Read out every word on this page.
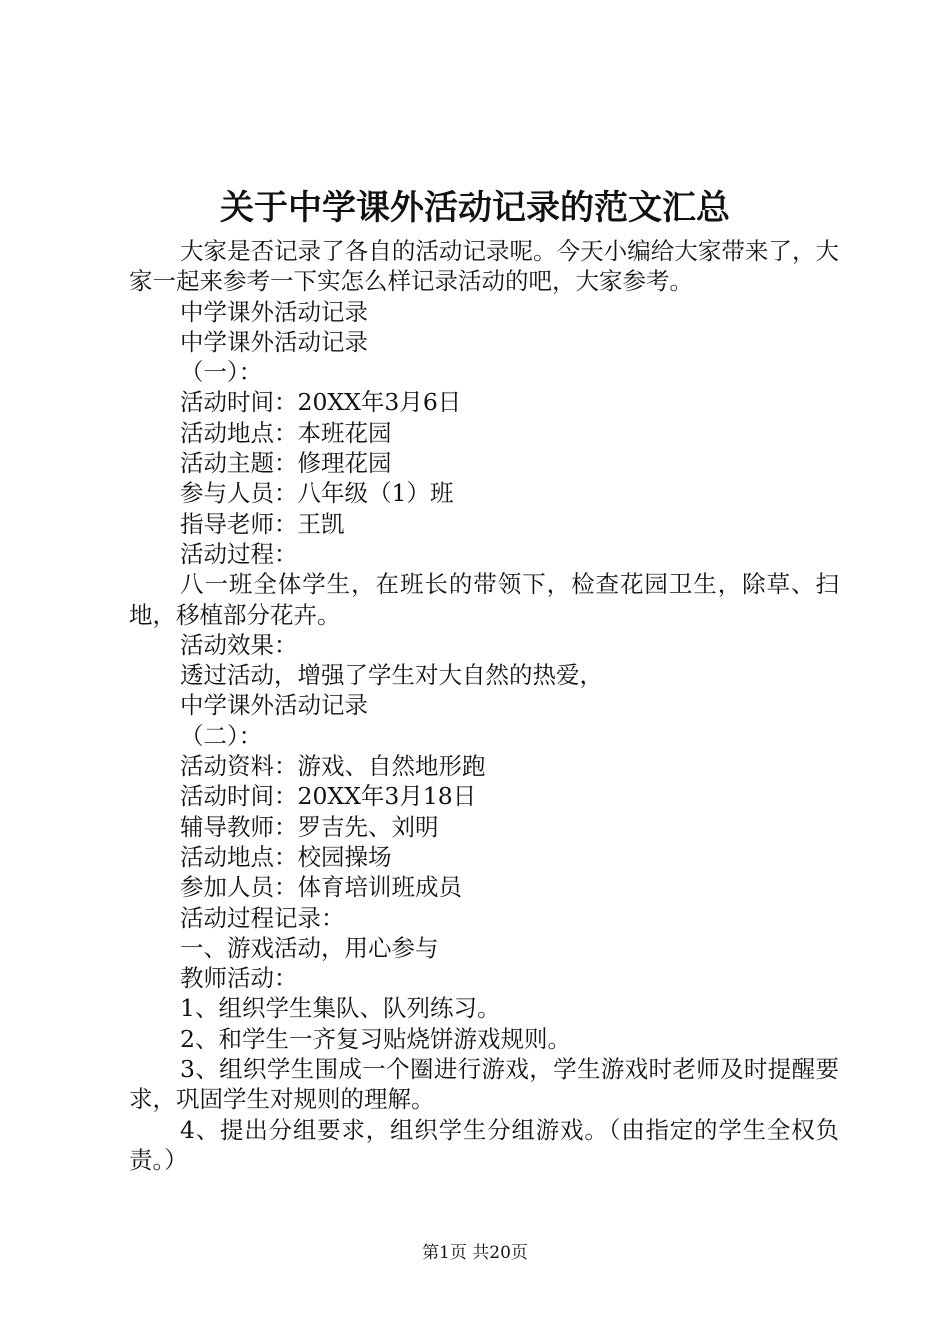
关于中学课外活动记录的范文汇总

大家是否记录了各自的活动记录呢。今天小编给大家带来了，大家一起来参考一下实怎么样记录活动的吧，大家参考。

中学课外活动记录

中学课外活动记录

（一）：

活动时间：20XX年3月6日

活动地点：本班花园

活动主题：修理花园

参与人员：八年级（1）班

指导老师：王凯

活动过程：

八一班全体学生，在班长的带领下，检查花园卫生，除草、扫地，移植部分花卉。

活动效果：

透过活动，增强了学生对大自然的热爱，

中学课外活动记录

（二）：

活动资料：游戏、自然地形跑

活动时间：20XX年3月18日

辅导教师：罗吉先、刘明

活动地点：校园操场

参加人员：体育培训班成员

活动过程记录：

一、游戏活动，用心参与

教师活动：

1、组织学生集队、队列练习。

2、和学生一齐复习贴烧饼游戏规则。

3、组织学生围成一个圈进行游戏，学生游戏时老师及时提醒要求，巩固学生对规则的理解。

4、提出分组要求，组织学生分组游戏。（由指定的学生全权负责。）

第1页 共20页
